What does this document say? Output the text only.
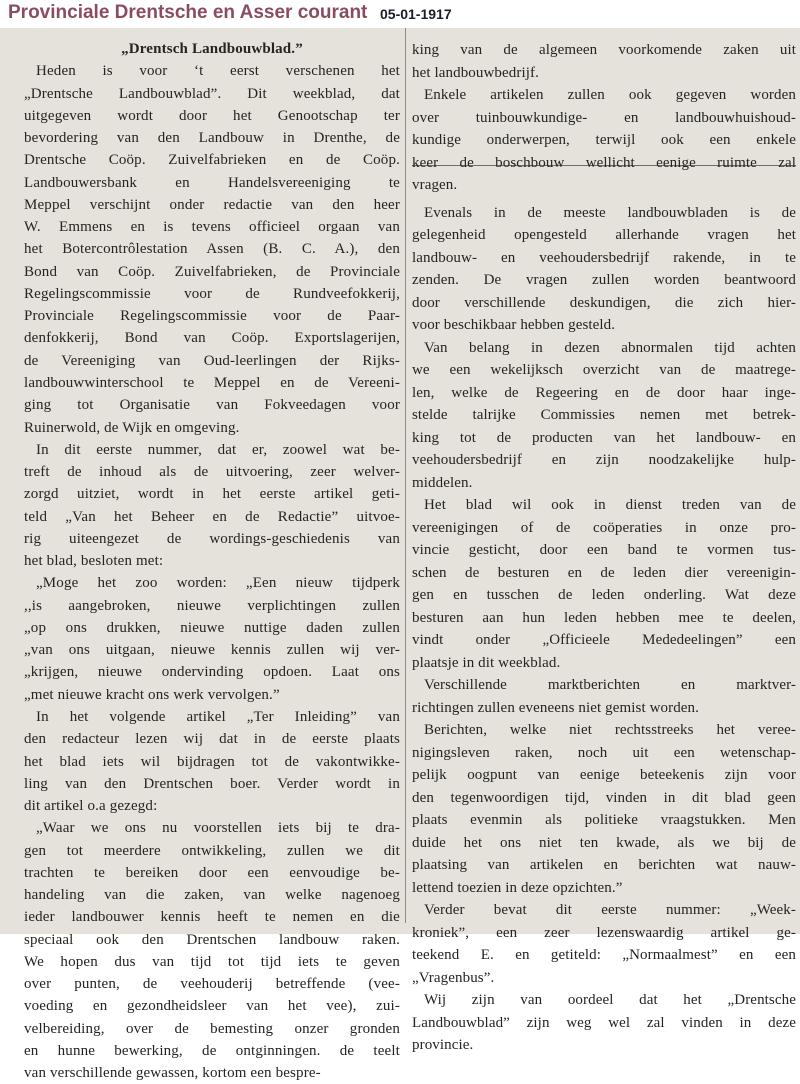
Provinciale Drentsche en Asser courant 05-01-1917
„Drentsch Landbouwblad.”
Heden is voor ‘t eerst verschenen het
„Drentsche Landbouwblad”. Dit weekblad, dat
uitgegeven wordt door het Genootschap ter
bevordering van den Landbouw in Drenthe, de
Drentsche Coöp. Zuivelfabrieken en de Coöp.
Landbouwersbank en Handelsvereeniging te
Meppel verschijnt onder redactie van den heer
W. Emmens en is tevens officieel orgaan van
het Botercontrôlestation Assen (B. C. A.), den
Bond van Coöp. Zuivelfabrieken, de Provinciale
Regelingscommissie voor de Rundveefokkerij,
Provinciale Regelingscommissie voor de Paar-
denfokkerij, Bond van Coöp. Exportslagerijen,
de Vereeniging van Oud-leerlingen der Rijks-
landbouwwinterschool te Meppel en de Vereeni-
ging tot Organisatie van Fokveedagen voor
Ruinerwold, de Wijk en omgeving.
In dit eerste nummer, dat er, zoowel wat be-
treft de inhoud als de uitvoering, zeer welver-
zorgd uitziet, wordt in het eerste artikel geti-
teld „Van het Beheer en de Redactie” uitvoe-
rig uiteengezet de wordings-geschiedenis van
het blad, besloten met:
„Moge het zoo worden: „Een nieuw tijdperk
,,is aangebroken, nieuwe verplichtingen zullen
„op ons drukken, nieuwe nuttige daden zullen
„van ons uitgaan, nieuwe kennis zullen wij ver-
„krijgen, nieuwe ondervinding opdoen. Laat ons
„met nieuwe kracht ons werk vervolgen.”
In het volgende artikel „Ter Inleiding” van
den redacteur lezen wij dat in de eerste plaats
het blad iets wil bijdragen tot de vakontwikke-
ling van den Drentschen boer. Verder wordt in
dit artikel o.a gezegd:
„Waar we ons nu voorstellen iets bij te dra-
gen tot meerdere ontwikkeling, zullen we dit
trachten te bereiken door een eenvoudige be-
handeling van die zaken, van welke nagenoeg
ieder landbouwer kennis heeft te nemen en die
speciaal ook den Drentschen landbouw raken.
We hopen dus van tijd tot tijd iets te geven
over punten, de veehouderij betreffende (vee-
voeding en gezondheidsleer van het vee), zui-
velbereiding, over de bemesting onzer gronden
en hunne bewerking, de ontginningen. de teelt
van verschillende gewassen, kortom een bespre-
king van de algemeen voorkomende zaken uit
het landbouwbedrijf.
Enkele artikelen zullen ook gegeven worden
over tuinbouwkundige- en landbouwhuishoud-
kundige onderwerpen, terwijl ook een enkele
keer de boschbouw wellicht eenige ruimte zal
vragen.
Evenals in de meeste landbouwbladen is de
gelegenheid opengesteld allerhande vragen het
landbouw- en veehoudersbedrijf rakende, in te
zenden. De vragen zullen worden beantwoord
door verschillende deskundigen, die zich hier-
voor beschikbaar hebben gesteld.
Van belang in dezen abnormalen tijd achten
we een wekelijksch overzicht van de maatrege-
len, welke de Regeering en de door haar inge-
stelde talrijke Commissies nemen met betrek-
king tot de producten van het landbouw- en
veehoudersbedrijf en zijn noodzakelijke hulp-
middelen.
Het blad wil ook in dienst treden van de
vereenigingen of de coöperaties in onze pro-
vincie gesticht, door een band te vormen tus-
schen de besturen en de leden dier vereenigin-
gen en tusschen de leden onderling. Wat deze
besturen aan hun leden hebben mee te deelen,
vindt onder „Officieele Mededeelingen” een
plaatsje in dit weekblad.
Verschillende marktberichten en marktver-
richtingen zullen eveneens niet gemist worden.
Berichten, welke niet rechtsstreeks het veree-
nigingsleven raken, noch uit een wetenschap-
pelijk oogpunt van eenige beteekenis zijn voor
den tegenwoordigen tijd, vinden in dit blad geen
plaats evenmin als politieke vraagstukken. Men
duide het ons niet ten kwade, als we bij de
plaatsing van artikelen en berichten wat nauw-
lettend toezien in deze opzichten.”
Verder bevat dit eerste nummer: „Week-
kroniek”, een zeer lezenswaardig artikel ge-
teekend E. en getiteld: „Normaalmest” en een
„Vragenbus”.
Wij zijn van oordeel dat het „Drentsche
Landbouwblad” zijn weg wel zal vinden in deze
provincie.
